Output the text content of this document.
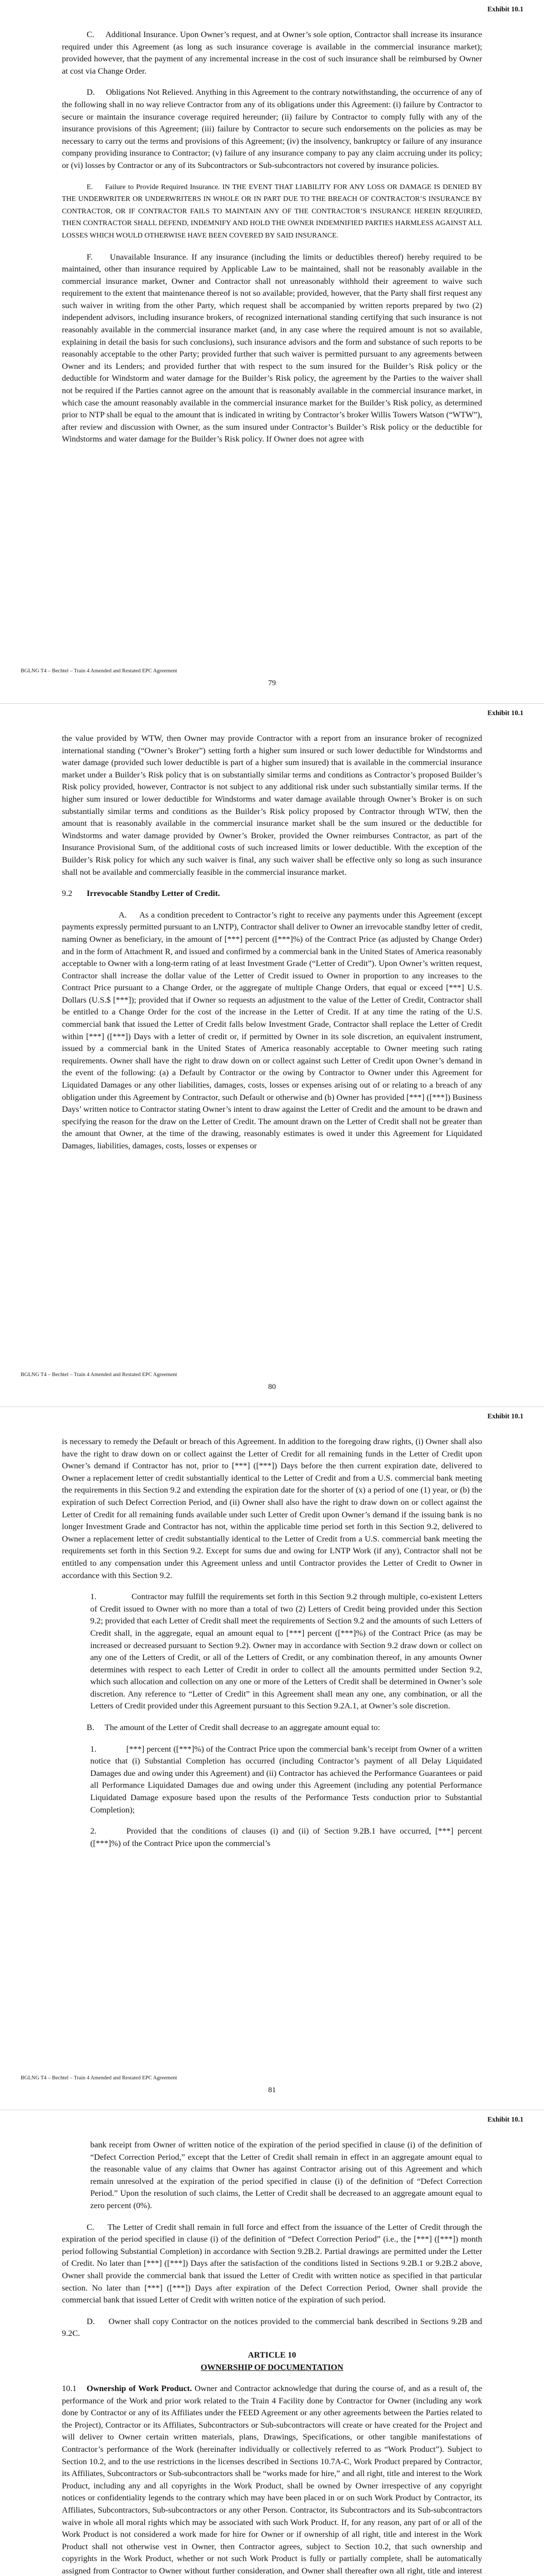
Exhibit 10.1

C.     Additional Insurance. Upon Owner’s request, and at Owner’s sole option, Contractor shall increase its insurance required under this Agreement (as long as such insurance coverage is available in the commercial insurance market); provided however, that the payment of any incremental increase in the cost of such insurance shall be reimbursed by Owner at cost via Change Order.

D.     Obligations Not Relieved. Anything in this Agreement to the contrary notwithstanding, the occurrence of any of the following shall in no way relieve Contractor from any of its obligations under this Agreement: (i) failure by Contractor to secure or maintain the insurance coverage required hereunder; (ii) failure by Contractor to comply fully with any of the insurance provisions of this Agreement; (iii) failure by Contractor to secure such endorsements on the policies as may be necessary to carry out the terms and provisions of this Agreement; (iv) the insolvency, bankruptcy or failure of any insurance company providing insurance to Contractor; (v) failure of any insurance company to pay any claim accruing under its policy; or (vi) losses by Contractor or any of its Subcontractors or Sub-subcontractors not covered by insurance policies.

E.     Failure to Provide Required Insurance. IN THE EVENT THAT LIABILITY FOR ANY LOSS OR DAMAGE IS DENIED BY THE UNDERWRITER OR UNDERWRITERS IN WHOLE OR IN PART DUE TO THE BREACH OF CONTRACTOR’S INSURANCE BY CONTRACTOR, OR IF CONTRACTOR FAILS TO MAINTAIN ANY OF THE CONTRACTOR’S INSURANCE HEREIN REQUIRED, THEN CONTRACTOR SHALL DEFEND, INDEMNIFY AND HOLD THE OWNER INDEMNIFIED PARTIES HARMLESS AGAINST ALL LOSSES WHICH WOULD OTHERWISE HAVE BEEN COVERED BY SAID INSURANCE.

F.     Unavailable Insurance. If any insurance (including the limits or deductibles thereof) hereby required to be maintained, other than insurance required by Applicable Law to be maintained, shall not be reasonably available in the commercial insurance market, Owner and Contractor shall not unreasonably withhold their agreement to waive such requirement to the extent that maintenance thereof is not so available; provided, however, that the Party shall first request any such waiver in writing from the other Party, which request shall be accompanied by written reports prepared by two (2) independent advisors, including insurance brokers, of recognized international standing certifying that such insurance is not reasonably available in the commercial insurance market (and, in any case where the required amount is not so available, explaining in detail the basis for such conclusions), such insurance advisors and the form and substance of such reports to be reasonably acceptable to the other Party; provided further that such waiver is permitted pursuant to any agreements between Owner and its Lenders; and provided further that with respect to the sum insured for the Builder’s Risk policy or the deductible for Windstorm and water damage for the Builder’s Risk policy, the agreement by the Parties to the waiver shall not be required if the Parties cannot agree on the amount that is reasonably available in the commercial insurance market, in which case the amount reasonably available in the commercial insurance market for the Builder’s Risk policy, as determined prior to NTP shall be equal to the amount that is indicated in writing by Contractor’s broker Willis Towers Watson (“WTW”), after review and discussion with Owner, as the sum insured under Contractor’s Builder’s Risk policy or the deductible for Windstorms and water damage for the Builder’s Risk policy. If Owner does not agree with

BGLNG T4 – Bechtel – Train 4 Amended and Restated EPC Agreement
79
Exhibit 10.1

the value provided by WTW, then Owner may provide Contractor with a report from an insurance broker of recognized international standing (“Owner’s Broker”) setting forth a higher sum insured or such lower deductible for Windstorms and water damage (provided such lower deductible is part of a higher sum insured) that is available in the commercial insurance market under a Builder’s Risk policy that is on substantially similar terms and conditions as Contractor’s proposed Builder’s Risk policy provided, however, Contractor is not subject to any additional risk under such substantially similar terms. If the higher sum insured or lower deductible for Windstorms and water damage available through Owner’s Broker is on such substantially similar terms and conditions as the Builder’s Risk policy proposed by Contractor through WTW, then the amount that is reasonably available in the commercial insurance market shall be the sum insured or the deductible for Windstorms and water damage provided by Owner’s Broker, provided the Owner reimburses Contractor, as part of the Insurance Provisional Sum, of the additional costs of such increased limits or lower deductible. With the exception of the Builder’s Risk policy for which any such waiver is final, any such waiver shall be effective only so long as such insurance shall not be available and commercially feasible in the commercial insurance market.

9.2 Irrevocable Standby Letter of Credit.

A.     As a condition precedent to Contractor’s right to receive any payments under this Agreement (except payments expressly permitted pursuant to an LNTP), Contractor shall deliver to Owner an irrevocable standby letter of credit, naming Owner as beneficiary, in the amount of [***] percent ([***]%) of the Contract Price (as adjusted by Change Order) and in the form of Attachment R, and issued and confirmed by a commercial bank in the United States of America reasonably acceptable to Owner with a long-term rating of at least Investment Grade (“Letter of Credit”). Upon Owner’s written request, Contractor shall increase the dollar value of the Letter of Credit issued to Owner in proportion to any increases to the Contract Price pursuant to a Change Order, or the aggregate of multiple Change Orders, that equal or exceed [***] U.S. Dollars (U.S.$ [***]); provided that if Owner so requests an adjustment to the value of the Letter of Credit, Contractor shall be entitled to a Change Order for the cost of the increase in the Letter of Credit. If at any time the rating of the U.S. commercial bank that issued the Letter of Credit falls below Investment Grade, Contractor shall replace the Letter of Credit within [***] ([***]) Days with a letter of credit or, if permitted by Owner in its sole discretion, an equivalent instrument, issued by a commercial bank in the United States of America reasonably acceptable to Owner meeting such rating requirements. Owner shall have the right to draw down on or collect against such Letter of Credit upon Owner’s demand in the event of the following: (a) a Default by Contractor or the owing by Contractor to Owner under this Agreement for Liquidated Damages or any other liabilities, damages, costs, losses or expenses arising out of or relating to a breach of any obligation under this Agreement by Contractor, such Default or otherwise and (b) Owner has provided [***] ([***]) Business Days’ written notice to Contractor stating Owner’s intent to draw against the Letter of Credit and the amount to be drawn and specifying the reason for the draw on the Letter of Credit. The amount drawn on the Letter of Credit shall not be greater than the amount that Owner, at the time of the drawing, reasonably estimates is owed it under this Agreement for Liquidated Damages, liabilities, damages, costs, losses or expenses or

BGLNG T4 – Bechtel – Train 4 Amended and Restated EPC Agreement
80
Exhibit 10.1

is necessary to remedy the Default or breach of this Agreement. In addition to the foregoing draw rights, (i) Owner shall also have the right to draw down on or collect against the Letter of Credit for all remaining funds in the Letter of Credit upon Owner’s demand if Contractor has not, prior to [***] ([***]) Days before the then current expiration date, delivered to Owner a replacement letter of credit substantially identical to the Letter of Credit and from a U.S. commercial bank meeting the requirements in this Section 9.2 and extending the expiration date for the shorter of (x) a period of one (1) year, or (b) the expiration of such Defect Correction Period, and (ii) Owner shall also have the right to draw down on or collect against the Letter of Credit for all remaining funds available under such Letter of Credit upon Owner’s demand if the issuing bank is no longer Investment Grade and Contractor has not, within the applicable time period set forth in this Section 9.2, delivered to Owner a replacement letter of credit substantially identical to the Letter of Credit from a U.S. commercial bank meeting the requirements set forth in this Section 9.2. Except for sums due and owing for LNTP Work (if any), Contractor shall not be entitled to any compensation under this Agreement unless and until Contractor provides the Letter of Credit to Owner in accordance with this Section 9.2.

1.	Contractor may fulfill the requirements set forth in this Section 9.2 through multiple, co-existent Letters of Credit issued to Owner with no more than a total of two (2) Letters of Credit being provided under this Section 9.2; provided that each Letter of Credit shall meet the requirements of Section 9.2 and the amounts of such Letters of Credit shall, in the aggregate, equal an amount equal to [***] percent ([***]%) of the Contract Price (as may be increased or decreased pursuant to Section 9.2). Owner may in accordance with Section 9.2 draw down or collect on any one of the Letters of Credit, or all of the Letters of Credit, or any combination thereof, in any amounts Owner determines with respect to each Letter of Credit in order to collect all the amounts permitted under Section 9.2, which such allocation and collection on any one or more of the Letters of Credit shall be determined in Owner’s sole discretion. Any reference to “Letter of Credit” in this Agreement shall mean any one, any combination, or all the Letters of Credit provided under this Agreement pursuant to this Section 9.2A.1, at Owner’s sole discretion.

B.     The amount of the Letter of Credit shall decrease to an aggregate amount equal to:

1.	[***] percent ([***]%) of the Contract Price upon the commercial bank’s receipt from Owner of a written notice that (i) Substantial Completion has occurred (including Contractor’s payment of all Delay Liquidated Damages due and owing under this Agreement) and (ii) Contractor has achieved the Performance Guarantees or paid all Performance Liquidated Damages due and owing under this Agreement (including any potential Performance Liquidated Damage exposure based upon the results of the Performance Tests conduction prior to Substantial Completion);

2.	Provided that the conditions of clauses (i) and (ii) of Section 9.2B.1 have occurred, [***] percent ([***]%) of the Contract Price upon the commercial’s

BGLNG T4 – Bechtel – Train 4 Amended and Restated EPC Agreement
81
Exhibit 10.1

bank receipt from Owner of written notice of the expiration of the period specified in clause (i) of the definition of “Defect Correction Period,” except that the Letter of Credit shall remain in effect in an aggregate amount equal to the reasonable value of any claims that Owner has against Contractor arising out of this Agreement and which remain unresolved at the expiration of the period specified in clause (i) of the definition of “Defect Correction Period.” Upon the resolution of such claims, the Letter of Credit shall be decreased to an aggregate amount equal to zero percent (0%).

C.     The Letter of Credit shall remain in full force and effect from the issuance of the Letter of Credit through the expiration of the period specified in clause (i) of the definition of “Defect Correction Period” (i.e., the [***] ([***]) month period following Substantial Completion) in accordance with Section 9.2B.2. Partial drawings are permitted under the Letter of Credit. No later than [***] ([***]) Days after the satisfaction of the conditions listed in Sections 9.2B.1 or 9.2B.2 above, Owner shall provide the commercial bank that issued the Letter of Credit with written notice as specified in that particular section. No later than [***] ([***]) Days after expiration of the Defect Correction Period, Owner shall provide the commercial bank that issued Letter of Credit with written notice of the expiration of such period.

D.     Owner shall copy Contractor on the notices provided to the commercial bank described in Sections 9.2B and 9.2C.

ARTICLE 10

OWNERSHIP OF DOCUMENTATION

10.1 Ownership of Work Product. Owner and Contractor acknowledge that during the course of, and as a result of, the performance of the Work and prior work related to the Train 4 Facility done by Contractor for Owner (including any work done by Contractor or any of its Affiliates under the FEED Agreement or any other agreements between the Parties related to the Project), Contractor or its Affiliates, Subcontractors or Sub-subcontractors will create or have created for the Project and will deliver to Owner certain written materials, plans, Drawings, Specifications, or other tangible manifestations of Contractor’s performance of the Work (hereinafter individually or collectively referred to as “Work Product”). Subject to Section 10.2, and to the use restrictions in the licenses described in Sections 10.7A-C, Work Product prepared by Contractor, its Affiliates, Subcontractors or Sub-subcontractors shall be “works made for hire,” and all right, title and interest to the Work Product, including any and all copyrights in the Work Product, shall be owned by Owner irrespective of any copyright notices or confidentiality legends to the contrary which may have been placed in or on such Work Product by Contractor, its Affiliates, Subcontractors, Sub-subcontractors or any other Person. Contractor, its Subcontractors and its Sub-subcontractors waive in whole all moral rights which may be associated with such Work Product. If, for any reason, any part of or all of the Work Product is not considered a work made for hire for Owner or if ownership of all right, title and interest in the Work Product shall not otherwise vest in Owner, then Contractor agrees, subject to Section 10.2, that such ownership and copyrights in the Work Product, whether or not such Work Product is fully or partially complete, shall be automatically assigned from Contractor to Owner without further consideration, and Owner shall thereafter own all right, title and interest
